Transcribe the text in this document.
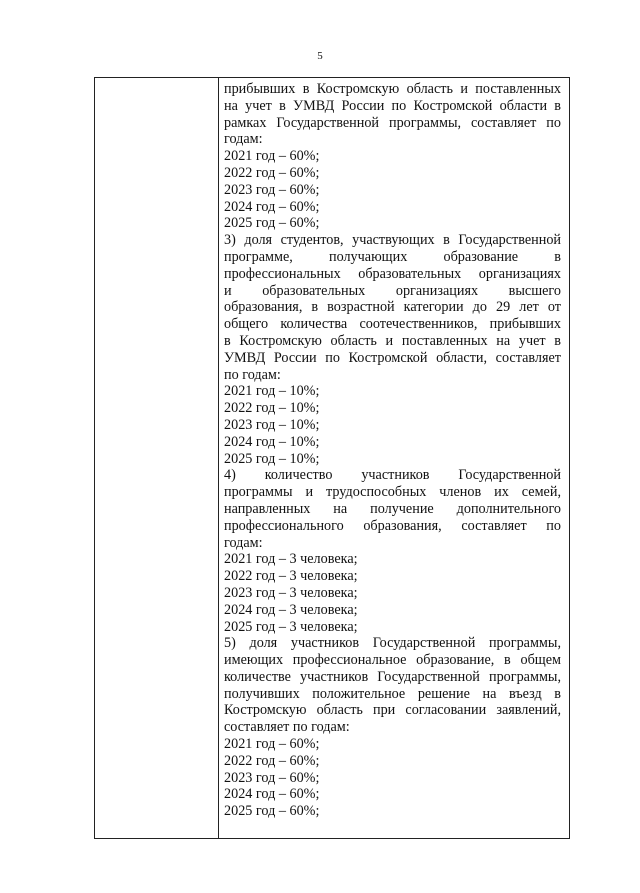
5
прибывших в Костромскую область и поставленных
на учет в УМВД России по Костромской области в
рамках Государственной программы, составляет по
годам:
2021 год – 60%;
2022 год – 60%;
2023 год – 60%;
2024 год – 60%;
2025 год – 60%;
3) доля студентов, участвующих в Государственной
программе, получающих образование в
профессиональных образовательных организациях
и образовательных организациях высшего
образования, в возрастной категории до 29 лет от
общего количества соотечественников, прибывших
в Костромскую область и поставленных на учет в
УМВД России по Костромской области, составляет
по годам:
2021 год – 10%;
2022 год – 10%;
2023 год – 10%;
2024 год – 10%;
2025 год – 10%;
4) количество участников Государственной
программы и трудоспособных членов их семей,
направленных на получение дополнительного
профессионального образования, составляет по
годам:
2021 год – 3 человека;
2022 год – 3 человека;
2023 год – 3 человека;
2024 год – 3 человека;
2025 год – 3 человека;
5) доля участников Государственной программы,
имеющих профессиональное образование, в общем
количестве участников Государственной программы,
получивших положительное решение на въезд в
Костромскую область при согласовании заявлений,
составляет по годам:
2021 год – 60%;
2022 год – 60%;
2023 год – 60%;
2024 год – 60%;
2025 год – 60%;
